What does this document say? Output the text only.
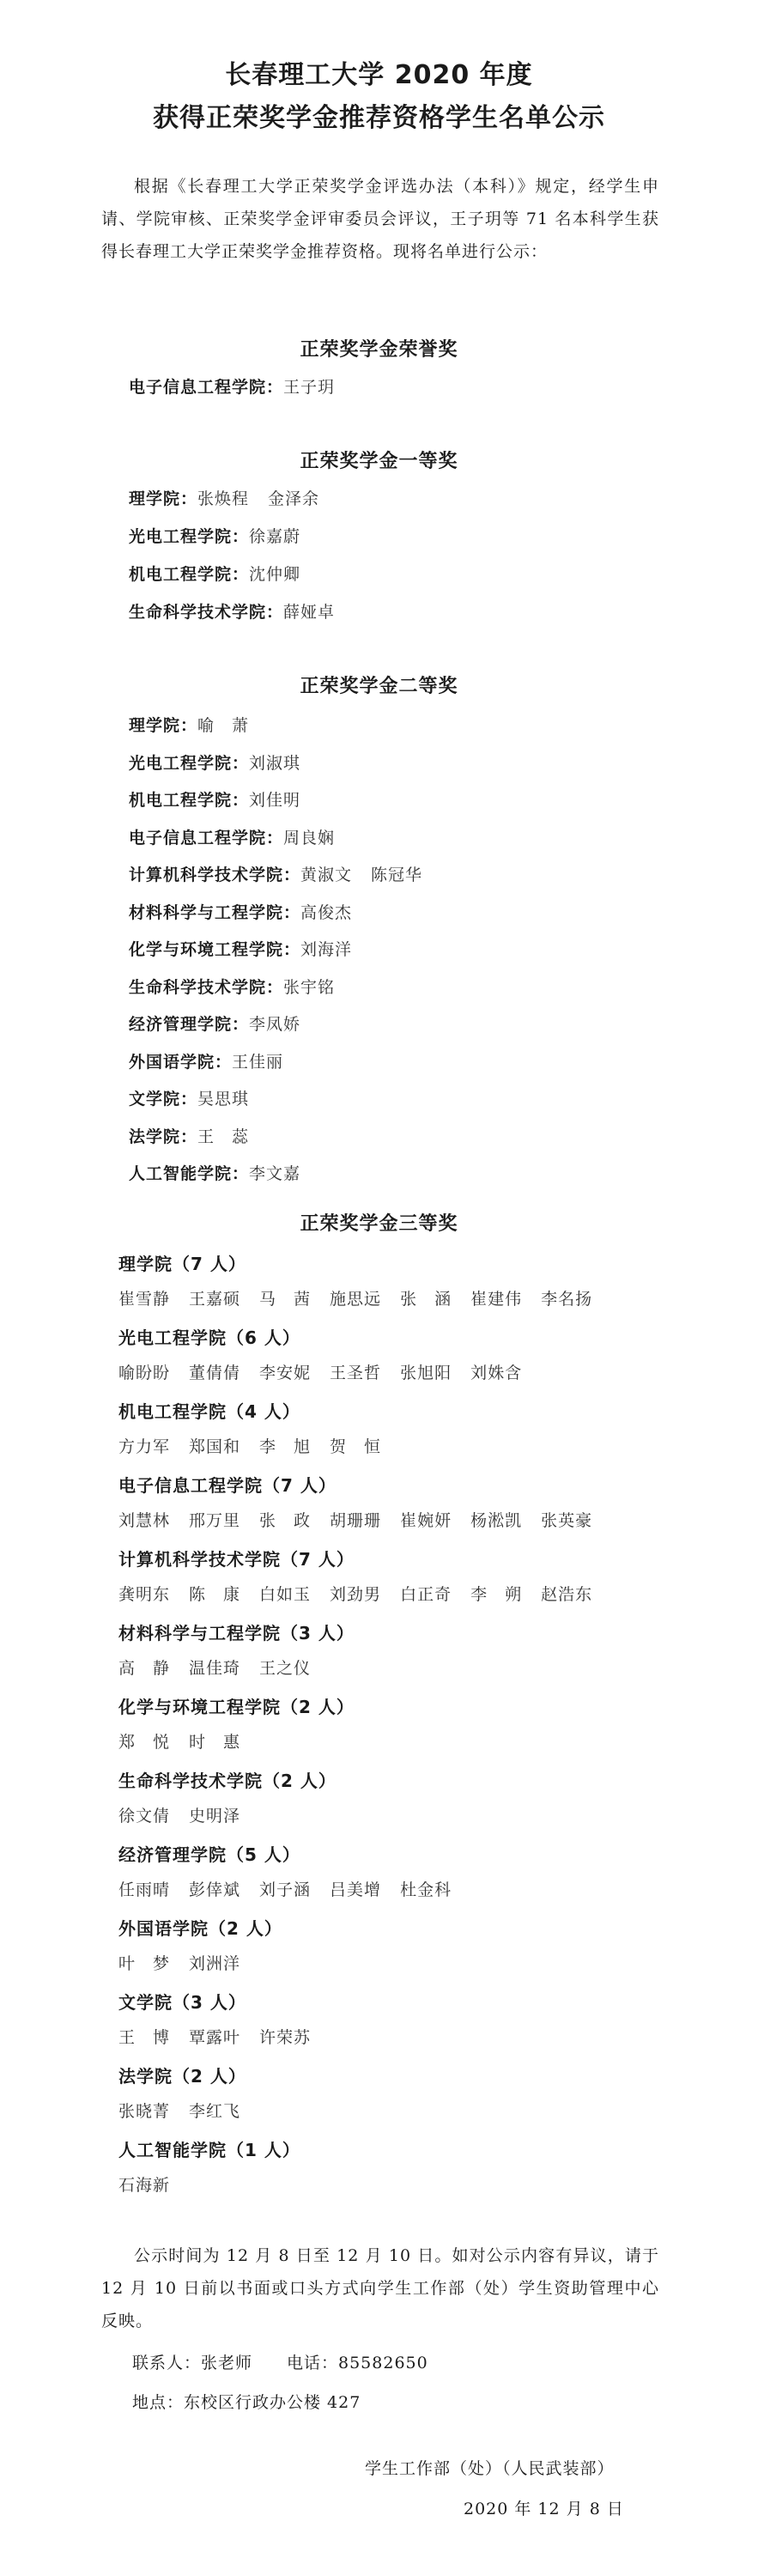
长春理工大学 2020 年度
获得正荣奖学金推荐资格学生名单公示
根据《长春理工大学正荣奖学金评选办法（本科）》规定，经学生申请、学院审核、正荣奖学金评审委员会评议，王子玥等 71 名本科学生获得长春理工大学正荣奖学金推荐资格。现将名单进行公示：
正荣奖学金荣誉奖
电子信息工程学院：王子玥
正荣奖学金一等奖
理学院：张焕程 金泽余
光电工程学院：徐嘉蔚
机电工程学院：沈仲卿
生命科学技术学院：薛娅卓
正荣奖学金二等奖
理学院：喻　萧
光电工程学院：刘淑琪
机电工程学院：刘佳明
电子信息工程学院：周良娴
计算机科学技术学院：黄淑文 陈冠华
材料科学与工程学院：高俊杰
化学与环境工程学院：刘海洋
生命科学技术学院：张宇铭
经济管理学院：李凤娇
外国语学院：王佳丽
文学院：吴思琪
法学院：王　蕊
人工智能学院：李文嘉
正荣奖学金三等奖
理学院（7 人）
崔雪静 王嘉硕 马　茜 施思远 张　涵 崔建伟 李名扬
光电工程学院（6 人）
喻盼盼 董倩倩 李安妮 王圣哲 张旭阳 刘姝含
机电工程学院（4 人）
方力军 郑国和 李　旭 贺　恒
电子信息工程学院（7 人）
刘慧林 邢万里 张　政 胡珊珊 崔婉妍 杨淞凯 张英豪
计算机科学技术学院（7 人）
龚明东 陈　康 白如玉 刘劲男 白正奇 李　朔 赵浩东
材料科学与工程学院（3 人）
高　静 温佳琦 王之仪
化学与环境工程学院（2 人）
郑　悦 时　惠
生命科学技术学院（2 人）
徐文倩 史明泽
经济管理学院（5 人）
任雨晴 彭倖斌 刘子涵 吕美增 杜金科
外国语学院（2 人）
叶　梦 刘洲洋
文学院（3 人）
王　博 覃露叶 许荣苏
法学院（2 人）
张晓菁 李红飞
人工智能学院（1 人）
石海新
公示时间为 12 月 8 日至 12 月 10 日。如对公示内容有异议，请于 12 月 10 日前以书面或口头方式向学生工作部（处）学生资助管理中心反映。
联系人：张老师　　电话：85582650
地点：东校区行政办公楼 427
学生工作部（处）（人民武装部）
2020 年 12 月 8 日
